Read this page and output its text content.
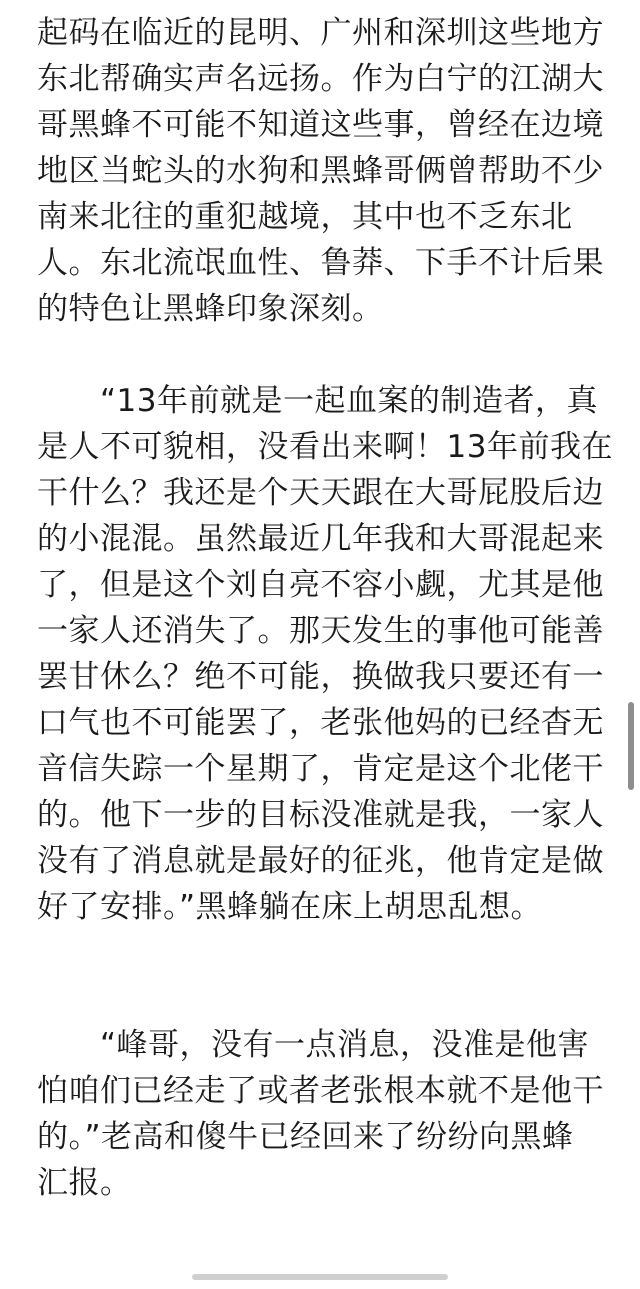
起码在临近的昆明、广州和深圳这些地方
东北帮确实声名远扬。作为白宁的江湖大
哥黑蜂不可能不知道这些事，曾经在边境
地区当蛇头的水狗和黑蜂哥俩曾帮助不少
南来北往的重犯越境，其中也不乏东北
人。东北流氓血性、鲁莽、下手不计后果
的特色让黑蜂印象深刻。

　　“13年前就是一起血案的制造者，真
是人不可貌相，没看出来啊！13年前我在
干什么？我还是个天天跟在大哥屁股后边
的小混混。虽然最近几年我和大哥混起来
了，但是这个刘自亮不容小觑，尤其是他
一家人还消失了。那天发生的事他可能善
罢甘休么？绝不可能，换做我只要还有一
口气也不可能罢了，老张他妈的已经杳无
音信失踪一个星期了，肯定是这个北佬干
的。他下一步的目标没准就是我，一家人
没有了消息就是最好的征兆，他肯定是做
好了安排。”黑蜂躺在床上胡思乱想。

　　“峰哥，没有一点消息，没准是他害
怕咱们已经走了或者老张根本就不是他干
的。”老高和傻牛已经回来了纷纷向黑蜂
汇报。
